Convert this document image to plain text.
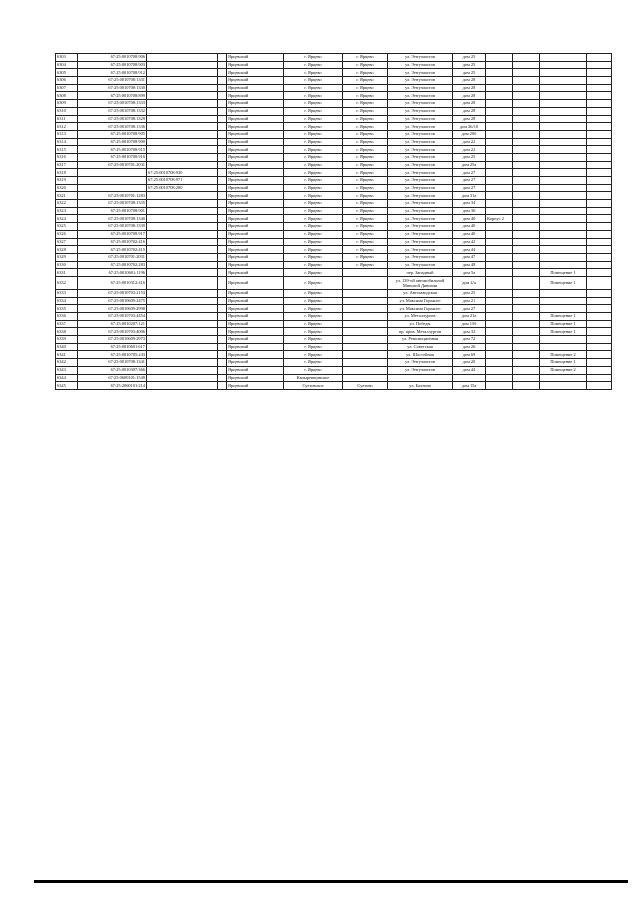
6303	67:25:0010708:906			Ярцевский	г. Ярцево	г. Ярцево	ул. Энтузиастов	дом 25				
6304	67:25:0010708:903			Ярцевский	г. Ярцево	г. Ярцево	ул. Энтузиастов	дом 25				
6305	67:25:0010708:912			Ярцевский	г. Ярцево	г. Ярцево	ул. Энтузиастов	дом 25				
6306	67:25:0010708:1331			Ярцевский	г. Ярцево	г. Ярцево	ул. Энтузиастов	дом 28				
6307	67:25:0010708:1330			Ярцевский	г. Ярцево	г. Ярцево	ул. Энтузиастов	дом 28				
6308	67:25:0010708:899			Ярцевский	г. Ярцево	г. Ярцево	ул. Энтузиастов	дом 28				
6309	67:25:0010708:1333			Ярцевский	г. Ярцево	г. Ярцево	ул. Энтузиастов	дом 28				
6310	67:25:0010708:1332			Ярцевский	г. Ярцево	г. Ярцево	ул. Энтузиастов	дом 28				
6311	67:25:0010708:1329			Ярцевский	г. Ярцево	г. Ярцево	ул. Энтузиастов	дом 28				
6312	67:25:0010708:1336			Ярцевский	г. Ярцево	г. Ярцево	ул. Энтузиастов	дом 26/10				
6313	67:25:0010708:905			Ярцевский	г. Ярцево	г. Ярцево	ул. Энтузиастов	дом 20б				
6314	67:25:0010708:900			Ярцевский	г. Ярцево	г. Ярцево	ул. Энтузиастов	дом 22				
6315	67:25:0010708:915			Ярцевский	г. Ярцево	г. Ярцево	ул. Энтузиастов	дом 22				
6316	67:25:0010708:916			Ярцевский	г. Ярцево	г. Ярцево	ул. Энтузиастов	дом 25				
6317	67:25:0010701:2031			Ярцевский	г. Ярцево	г. Ярцево	ул. Энтузиастов	дом 25а				
6318		67:25:0010708:930		Ярцевский	г. Ярцево	г. Ярцево	ул. Энтузиастов	дом 27				
6319		67:25:0010708:971		Ярцевский	г. Ярцево	г. Ярцево	ул. Энтузиастов	дом 27				
6320		67:25:0010708:280		Ярцевский	г. Ярцево	г. Ярцево	ул. Энтузиастов	дом 27				
6321	67:25:0010701:1283			Ярцевский	г. Ярцево	г. Ярцево	ул. Энтузиастов	дом 31а				
6322	67:25:0010708:1335			Ярцевский	г. Ярцево	г. Ярцево	ул. Энтузиастов	дом 34				
6323	67:25:0010708:901			Ярцевский	г. Ярцево	г. Ярцево	ул. Энтузиастов	дом 36				
6324	67:25:0010708:1340			Ярцевский	г. Ярцево	г. Ярцево	ул. Энтузиастов	дом 40	Корпус 2			
6325	67:25:0010708:1339			Ярцевский	г. Ярцево	г. Ярцево	ул. Энтузиастов	дом 40				
6326	67:25:0010708:917			Ярцевский	г. Ярцево	г. Ярцево	ул. Энтузиастов	дом 40				
6327	67:25:0010702:416			Ярцевский	г. Ярцево	г. Ярцево	ул. Энтузиастов	дом 42				
6328	67:25:0010702:415			Ярцевский	г. Ярцево	г. Ярцево	ул. Энтузиастов	дом 44				
6329	67:25:0010701:2031			Ярцевский	г. Ярцево	г. Ярцево	ул. Энтузиастов	дом 47				
6330	67:25:0010702:283			Ярцевский	г. Ярцево	г. Ярцево	ул. Энтузиастов	дом 48				
6331	67:25:0010601:1196			Ярцевский	г. Ярцево		пер. Западный	дом 5а			Помещение 1	
6332	67:25:0010312:416			Ярцевский	г. Ярцево		ул. 139-ой автомобильной Минской Дивизии	дом 4/а			Помещение 1	
6333	67:25:0010703:2153			Ярцевский	г. Ярцево		ул. Автозаводская	дом 25				
6334	67:25:0010609:2475			Ярцевский	г. Ярцево		ул. Максима Горького	дом 21				
6335	67:25:0010609:2998			Ярцевский	г. Ярцево		ул. Максима Горького	дом 27				
6336	67:25:0010703:4454			Ярцевский	г. Ярцево		ул. Металлургов	дом 21а			Помещение 1	
6337	67:25:0010207:121			Ярцевский	г. Ярцево		ул. Победы	дом 15б			Помещение 1	
6338	67:25:0010703:4006			Ярцевский	г. Ярцево		пр. пров. Металлургов	дом 32			Помещение 1	
6339	67:25:0010609:2973			Ярцевский	г. Ярцево		ул. Революционная	дом 72				
6340	67:25:0010601:617			Ярцевский	г. Ярцево		ул. Советская	дом 26				
6341	67:25:0010705:243			Ярцевский	г. Ярцево		ул. Шоссейная	дом 69			Помещение 2	
6342	67:25:0010708:1341			Ярцевский	г. Ярцево		ул. Энтузиастов	дом 20			Помещение 1	
6343	67:25:0010307:366			Ярцевский	г. Ярцево		ул. Энтузиастов	дом 44			Помещение 2	
6344	67:25:0600101:1549			Ярцевский	Капыревщинское							
6345	67:25:2060101:214			Ярцевский	Суетовское	Суетово	ул. Бахтина	дом 15а				
